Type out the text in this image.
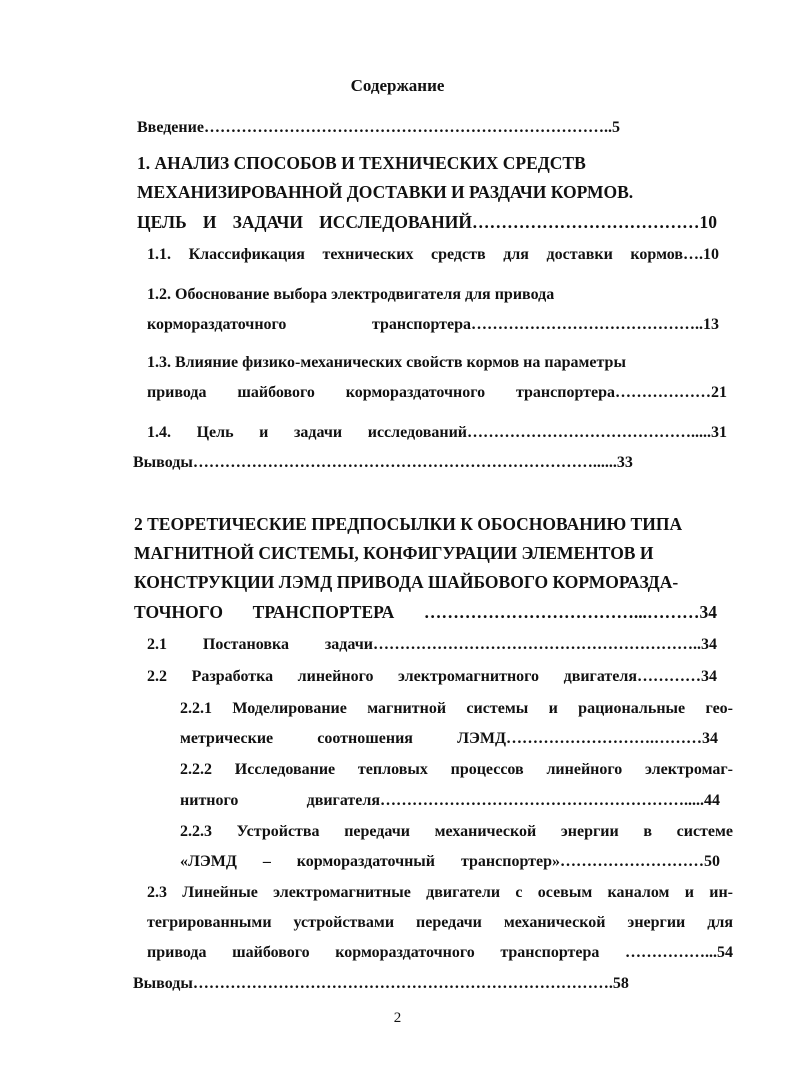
Содержание
Введение…………………………………………………………………..5
1. АНАЛИЗ СПОСОБОВ И ТЕХНИЧЕСКИХ СРЕДСТВ
МЕХАНИЗИРОВАННОЙ ДОСТАВКИ И РАЗДАЧИ КОРМОВ.
ЦЕЛЬ И ЗАДАЧИ ИССЛЕДОВАНИЙ…………………………………10
1.1. Классификация технических средств для доставки кормов….10
1.2. Обоснование выбора электродвигателя для привода
кормораздаточного транспортера……………………………………..13
1.3. Влияние физико-механических свойств кормов на параметры
привода шайбового кормораздаточного транспортера………………21
1.4. Цель и задачи исследований…………………………………….....31
Выводы…………………………………………………………………......33
2 ТЕОРЕТИЧЕСКИЕ ПРЕДПОСЫЛКИ К ОБОСНОВАНИЮ ТИПА
МАГНИТНОЙ СИСТЕМЫ, КОНФИГУРАЦИИ ЭЛЕМЕНТОВ И
КОНСТРУКЦИИ ЛЭМД ПРИВОДА ШАЙБОВОГО КОРМОРАЗДА-
ТОЧНОГО ТРАНСПОРТЕРА ………………………………...………34
2.1 Постановка задачи……………………………………………………..34
2.2 Разработка линейного электромагнитного двигателя…………34
2.2.1 Моделирование магнитной системы и рациональные гео-
метрические соотношения ЛЭМД……………………….………34
2.2.2 Исследование тепловых процессов линейного электромаг-
нитного двигателя………………………………………………….....44
2.2.3 Устройства передачи механической энергии в системе
«ЛЭМД – кормораздаточный транспортер»………………………50
2.3 Линейные электромагнитные двигатели с осевым каналом и ин-
тегрированными устройствами передачи механической энергии для
привода шайбового кормораздаточного транспортера ……………...54
Выводы…………………………………………………………………….58
2
